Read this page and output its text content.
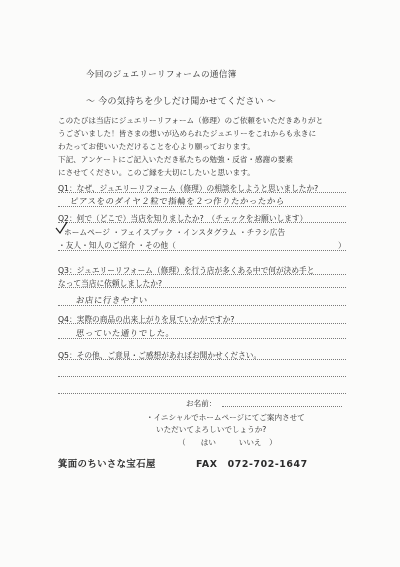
今回のジュエリーリフォームの通信簿
～ 今の気持ちを少しだけ聞かせてください ～
このたびは当店にジュエリーリフォーム（修理）のご依頼をいただきありがと
うございました！皆さまの想いが込められたジュエリーをこれからも永きに
わたってお使いいただけることを心より願っております。
下記、アンケートにご記入いただき私たちの勉強・反省・感謝の要素
にさせてください。このご縁を大切にしたいと思います。
Q1：なぜ、ジュエリーリフォーム（修理）の相談をしようと思いましたか?
ピアスをのダイヤ２粒で指輪を２つ作りたかったから
Q2：何で（どこで）当店を知りましたか?　（チェックをお願いします）
ホームページ ・フェイスブック ・インスタグラム ・チラシ広告
・友人・知人のご紹介 ・その他（	）
Q3：ジュエリーリフォーム（修理）を行う店が多くある中で何が決め手と
なって当店に依頼しましたか?
お店に行きやすい
Q4：実際の商品の出来上がりを見ていかがですか?
思っていた通りでした。
Q5：その他、ご意見・ご感想があればお聞かせください。
お名前：
・イニシャルでホームページにてご案内させて
いただいてよろしいでしょうか?
（　　はい　　　いいえ　）
箕面のちいさな宝石屋	FAX　072-702-1647
